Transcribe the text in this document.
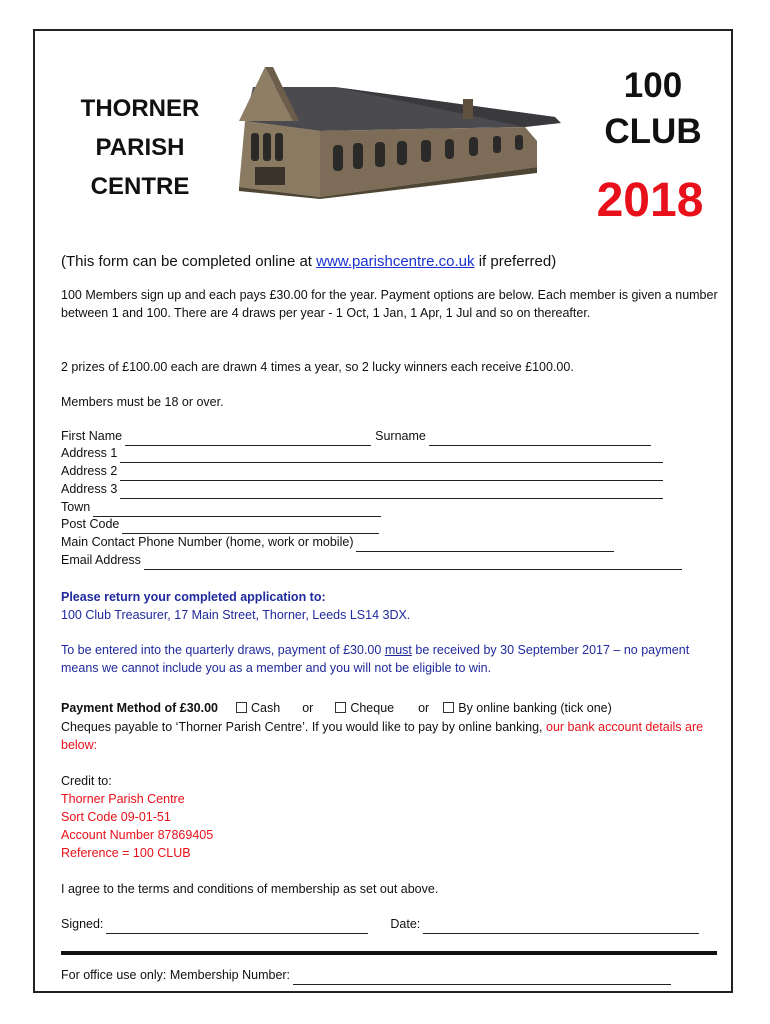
THORNER
PARISH
CENTRE
100
CLUB
2018
(This form can be completed online at www.parishcentre.co.uk if preferred)
100 Members sign up and each pays £30.00 for the year. Payment options are below. Each member is given a number between 1 and 100. There are 4 draws per year - 1 Oct, 1 Jan, 1 Apr, 1 Jul and so on thereafter.
2 prizes of £100.00 each are drawn 4 times a year, so 2 lucky winners each receive £100.00.
Members must be 18 or over.
First Name	Surname
Address 1
Address 2
Address 3
Town
Post Code
Main Contact Phone Number (home, work or mobile)
Email Address
Please return your completed application to:
100 Club Treasurer, 17 Main Street, Thorner, Leeds LS14 3DX.
To be entered into the quarterly draws, payment of £30.00 must be received by 30 September 2017 – no payment means we cannot include you as a member and you will not be eligible to win.
Payment Method of £30.00	Cash or	Cheque or	By online banking (tick one)
Cheques payable to ‘Thorner Parish Centre’. If you would like to pay by online banking, our bank account details are below:
Credit to:
Thorner Parish Centre
Sort Code 09-01-51
Account Number 87869405
Reference = 100 CLUB
I agree to the terms and conditions of membership as set out above.
Signed:	Date:
For office use only: Membership Number:
